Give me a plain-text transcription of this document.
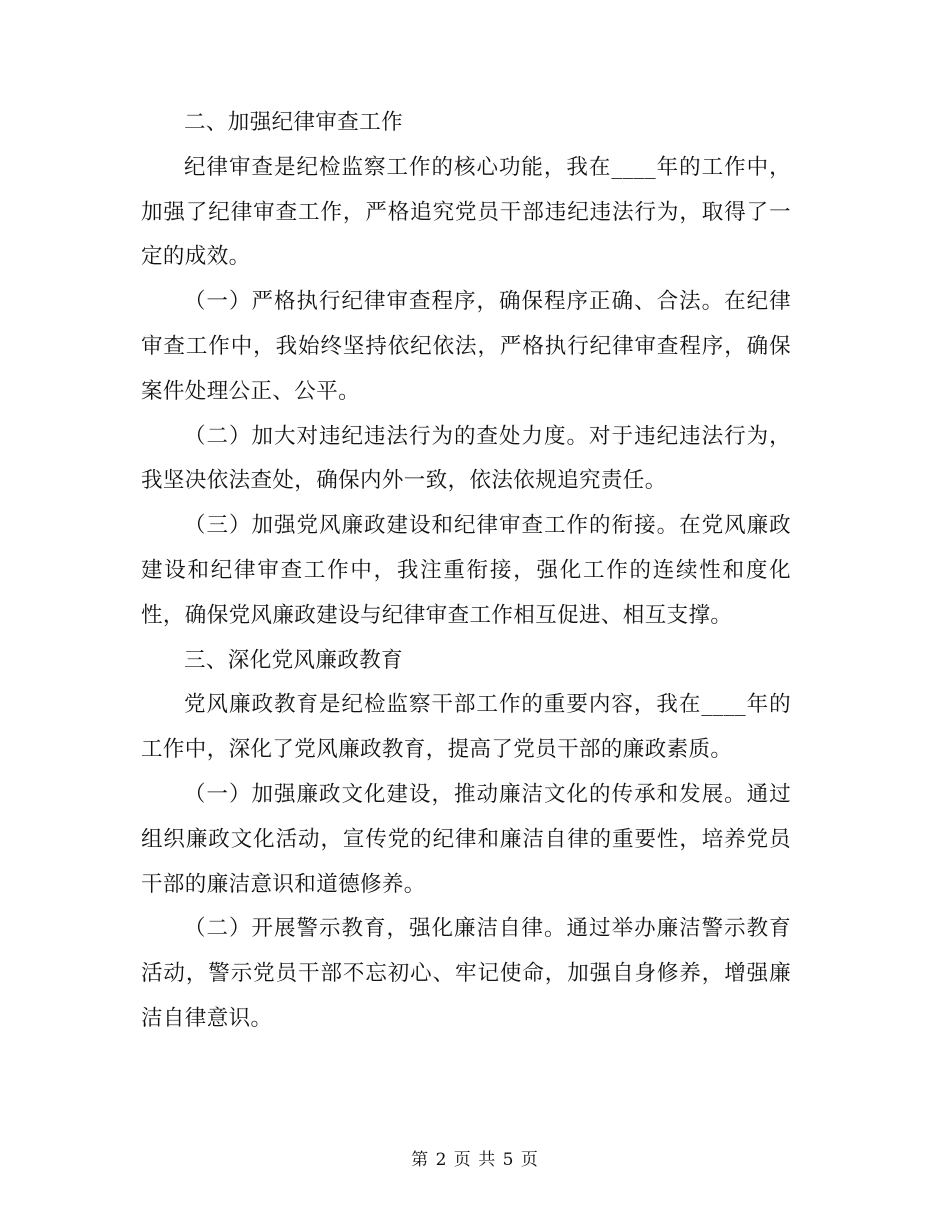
二、加强纪律审查工作

纪律审查是纪检监察工作的核心功能，我在____年的工作中，加强了纪律审查工作，严格追究党员干部违纪违法行为，取得了一定的成效。

（一）严格执行纪律审查程序，确保程序正确、合法。在纪律审查工作中，我始终坚持依纪依法，严格执行纪律审查程序，确保案件处理公正、公平。

（二）加大对违纪违法行为的查处力度。对于违纪违法行为，我坚决依法查处，确保内外一致，依法依规追究责任。

（三）加强党风廉政建设和纪律审查工作的衔接。在党风廉政建设和纪律审查工作中，我注重衔接，强化工作的连续性和度化性，确保党风廉政建设与纪律审查工作相互促进、相互支撑。

三、深化党风廉政教育

党风廉政教育是纪检监察干部工作的重要内容，我在____年的工作中，深化了党风廉政教育，提高了党员干部的廉政素质。

（一）加强廉政文化建设，推动廉洁文化的传承和发展。通过组织廉政文化活动，宣传党的纪律和廉洁自律的重要性，培养党员干部的廉洁意识和道德修养。

（二）开展警示教育，强化廉洁自律。通过举办廉洁警示教育活动，警示党员干部不忘初心、牢记使命，加强自身修养，增强廉洁自律意识。

第 2 页 共 5 页
